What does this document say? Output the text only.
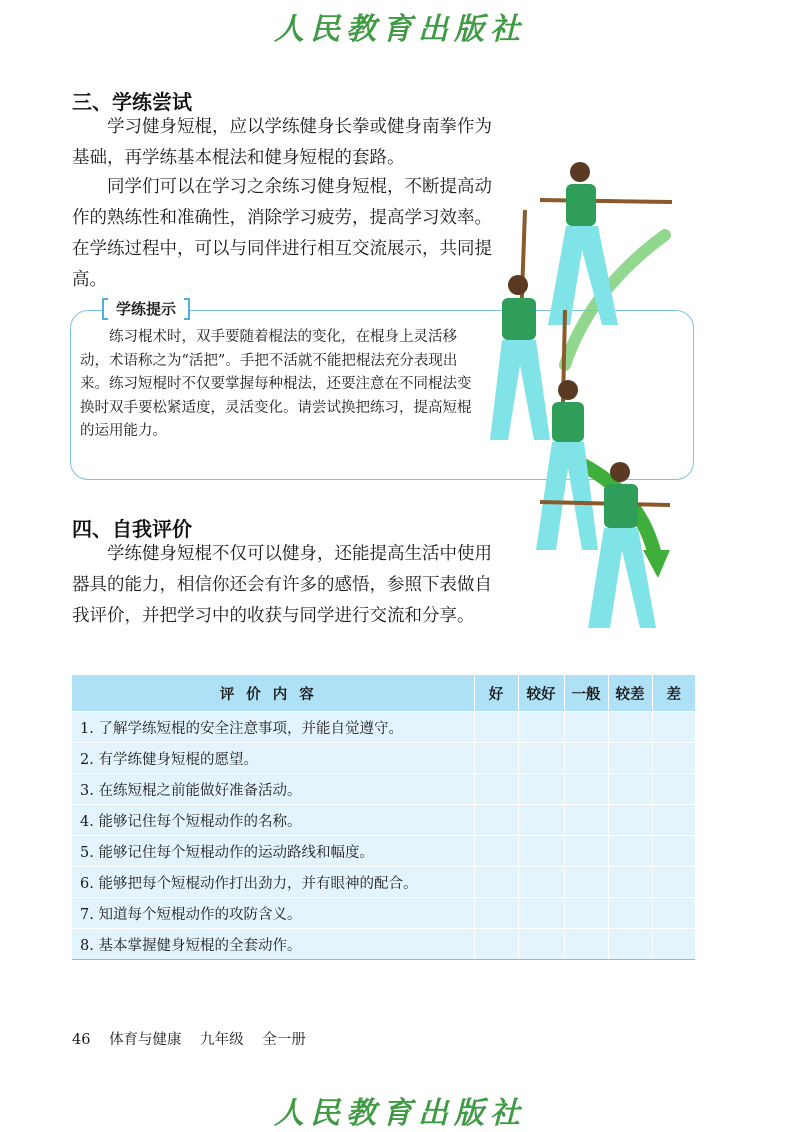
人民教育出版社
三、学练尝试

学习健身短棍，应以学练健身长拳或健身南拳作为基础，再学练基本棍法和健身短棍的套路。

同学们可以在学习之余练习健身短棍，不断提高动作的熟练性和准确性，消除学习疲劳，提高学习效率。在学练过程中，可以与同伴进行相互交流展示，共同提高。

学练提示

练习棍术时，双手要随着棍法的变化，在棍身上灵活移动，术语称之为“活把”。手把不活就不能把棍法充分表现出来。练习短棍时不仅要掌握每种棍法，还要注意在不同棍法变换时双手要松紧适度，灵活变化。请尝试换把练习，提高短棍的运用能力。

四、自我评价

学练健身短棍不仅可以健身，还能提高生活中使用器具的能力，相信你还会有许多的感悟，参照下表做自我评价，并把学习中的收获与同学进行交流和分享。

评价内容	好	较好	一般	较差	差
1. 了解学练短棍的安全注意事项，并能自觉遵守。					
2. 有学练健身短棍的愿望。					
3. 在练短棍之前能做好准备活动。					
4. 能够记住每个短棍动作的名称。					
5. 能够记住每个短棍动作的运动路线和幅度。					
6. 能够把每个短棍动作打出劲力，并有眼神的配合。					
7. 知道每个短棍动作的攻防含义。					
8. 基本掌握健身短棍的全套动作。					
46 体育与健康 九年级 全一册
人民教育出版社
